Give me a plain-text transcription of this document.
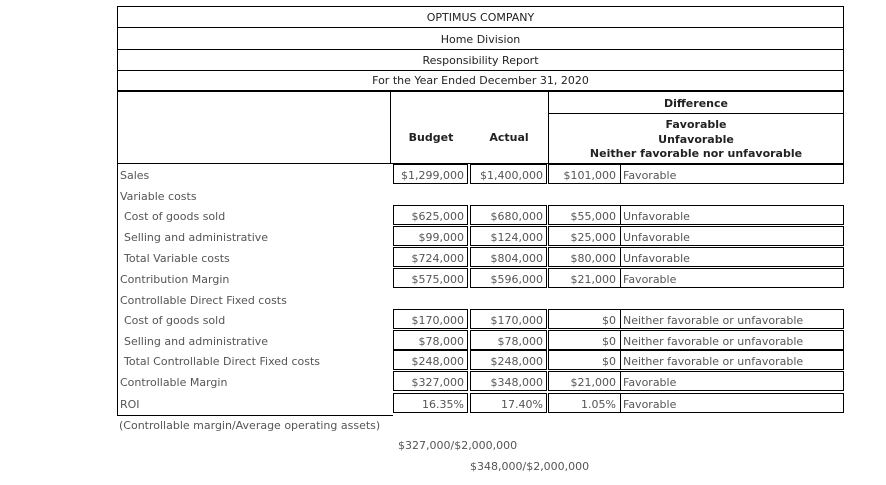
OPTIMUS COMPANY
Home Division
Responsibility Report
For the Year Ended December 31, 2020
Difference
Favorable
Unfavorable
Neither favorable nor unfavorable
Budget	Actual
Sales	$1,299,000	$1,400,000	$101,000 Favorable
Variable costs
Cost of goods sold	$625,000	$680,000	$55,000 Unfavorable
Selling and administrative	$99,000	$124,000	$25,000 Unfavorable
Total Variable costs	$724,000	$804,000	$80,000 Unfavorable
Contribution Margin	$575,000	$596,000	$21,000 Favorable
Controllable Direct Fixed costs
Cost of goods sold	$170,000	$170,000	$0 Neither favorable or unfavorable
Selling and administrative	$78,000	$78,000	$0 Neither favorable or unfavorable
Total Controllable Direct Fixed costs	$248,000	$248,000	$0 Neither favorable or unfavorable
Controllable Margin	$327,000	$348,000	$21,000 Favorable
ROI	16.35%	17.40%	1.05% Favorable
(Controllable margin/Average operating assets)
$327,000/$2,000,000
$348,000/$2,000,000
